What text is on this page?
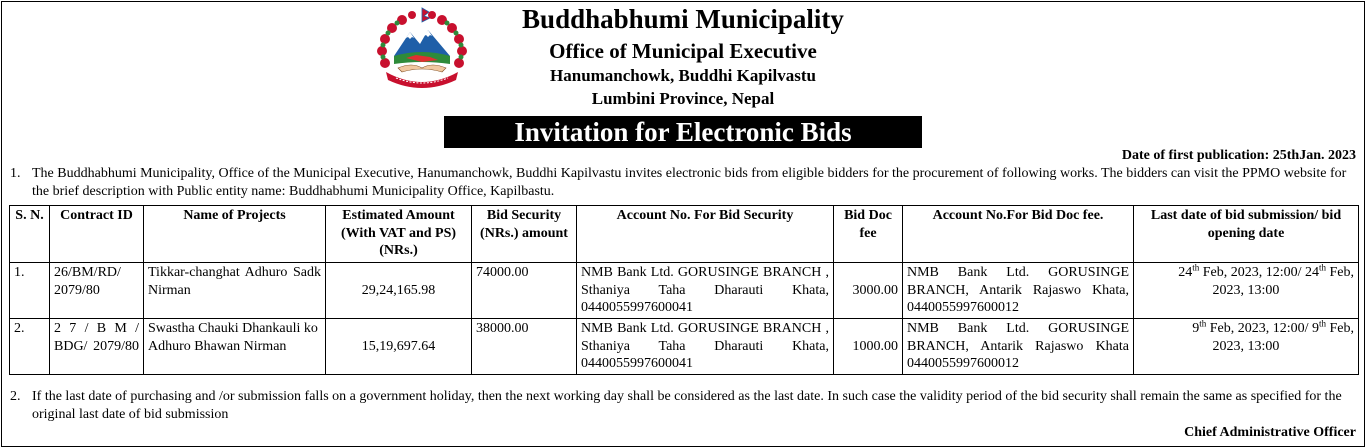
Buddhabhumi Municipality
Office of Municipal Executive
Hanumanchowk, Buddhi Kapilvastu
Lumbini Province, Nepal
Invitation for Electronic Bids
Date of first publication: 25thJan. 2023
1. The Buddhabhumi Municipality, Office of the Municipal Executive, Hanumanchowk, Buddhi Kapilvastu invites electronic bids from eligible bidders for the procurement of following works. The bidders can visit the PPMO website for the brief description with Public entity name: Buddhabhumi Municipality Office, Kapilbastu.
S. N.	Contract ID	Name of Projects	Estimated Amount (With VAT and PS) (NRs.)	Bid Security (NRs.) amount	Account No. For Bid Security	Bid Doc fee	Account No.For Bid Doc fee.	Last date of bid submission/ bid opening date
1.	26/BM/RD/ 2079/80	Tikkar-changhat Adhuro Sadk Nirman	29,24,165.98	74000.00	NMB Bank Ltd. GORUSINGE BRANCH , Sthaniya Taha Dharauti Khata, 0440055997600041	3000.00	NMB Bank Ltd. GORUSINGE BRANCH, Antarik Rajaswo Khata, 0440055997600012	24th Feb, 2023, 12:00/ 24th Feb,
2023, 13:00

2.	2 7 / B M / BDG/ 2079/80	Swastha Chauki Dhankauli ko Adhuro Bhawan Nirman	15,19,697.64	38000.00	NMB Bank Ltd. GORUSINGE BRANCH , Sthaniya Taha Dharauti Khata, 0440055997600041	1000.00	NMB Bank Ltd. GORUSINGE BRANCH, Antarik Rajaswo Khata 0440055997600012	9th Feb, 2023, 12:00/ 9th Feb,
2023, 13:00
2. If the last date of purchasing and /or submission falls on a government holiday, then the next working day shall be considered as the last date. In such case the validity period of the bid security shall remain the same as specified for the original last date of bid submission
Chief Administrative Officer
